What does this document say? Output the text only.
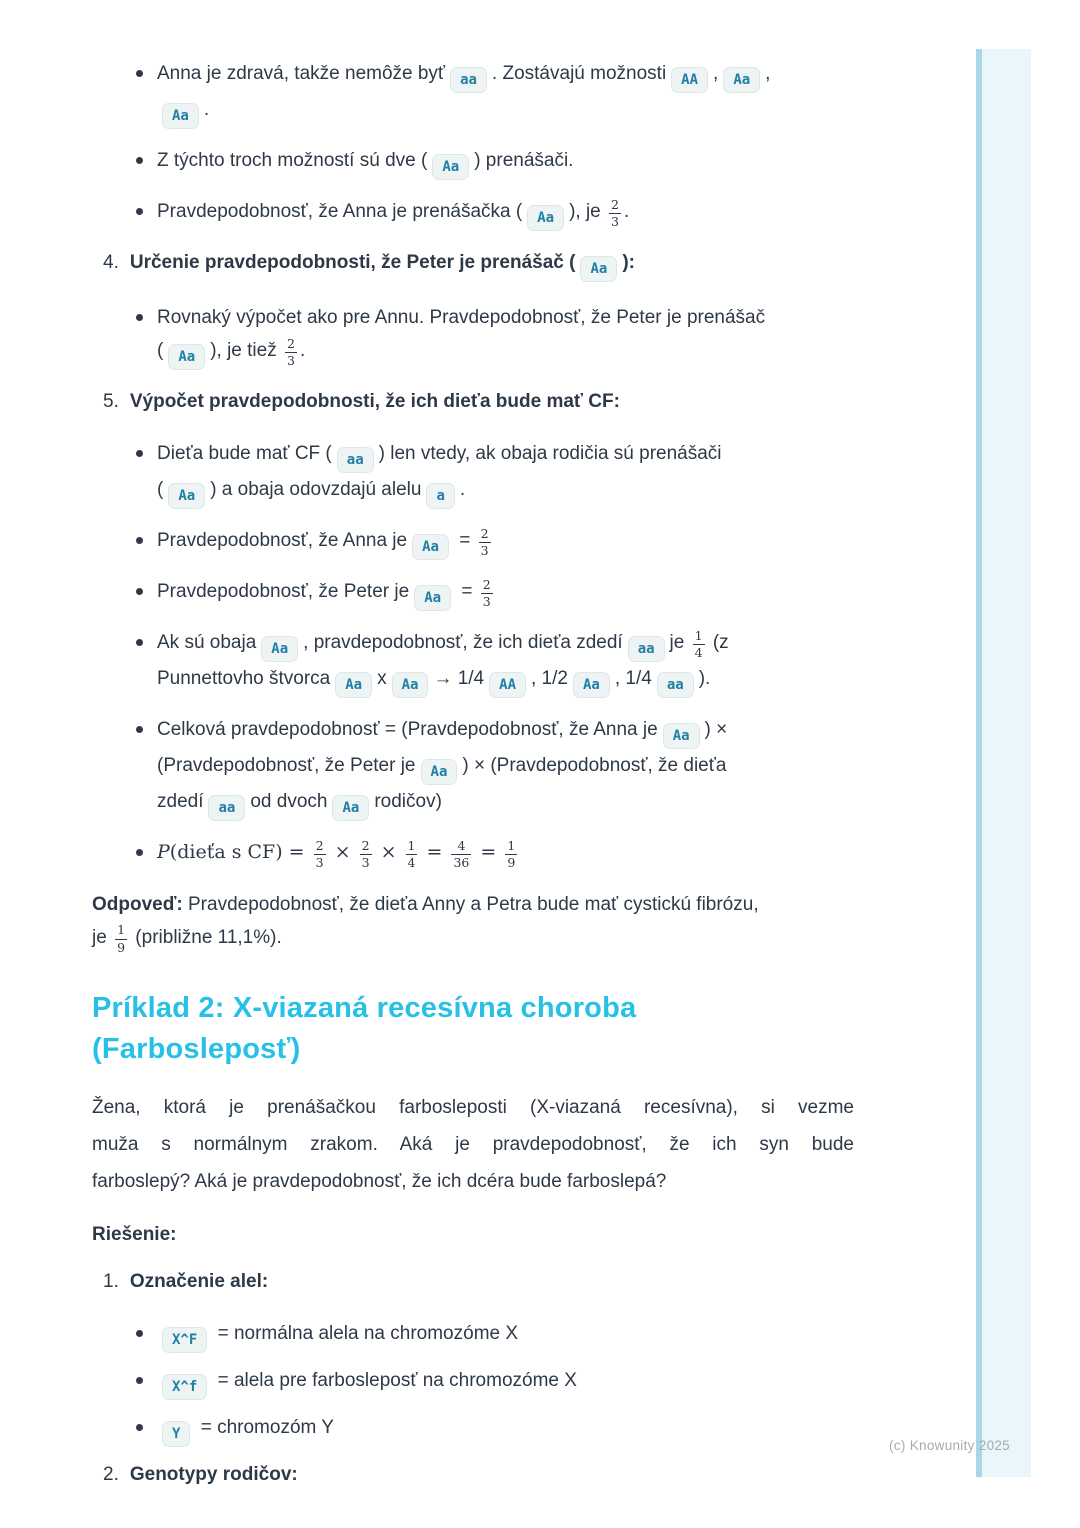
Anna je zdravá, takže nemôže byť aa . Zostávajú možnosti AA , Aa ,
Aa .
Z týchto troch možností sú dve ( Aa ) prenášači.
Pravdepodobnosť, že Anna je prenášačka ( Aa ), je $\frac{2}{3}$ .
4. Určenie pravdepodobnosti, že Peter je prenášač ( Aa ):
Rovnaký výpočet ako pre Annu. Pravdepodobnosť, že Peter je prenášač
( Aa ), je tiež $\frac{2}{3}$ .
5. Výpočet pravdepodobnosti, že ich dieťa bude mať CF:
Dieťa bude mať CF ( aa ) len vtedy, ak obaja rodičia sú prenášači
( Aa ) a obaja odovzdajú alelu a .
Pravdepodobnosť, že Anna je $Aa = \frac{2}{3}$
Pravdepodobnosť, že Peter je $Aa = \frac{2}{3}$
Ak sú obaja Aa , pravdepodobnosť, že ich dieťa zdedí aa je $\frac{1}{4} (z$
Punnettovho štvorca Aa x Aa → 1/4 AA , 1/2 Aa , 1/4 aa ).
Celková pravdepodobnosť = (Pravdepodobnosť, že Anna je Aa ) ×
(Pravdepodobnosť, že Peter je Aa ) × (Pravdepodobnosť, že dieťa
zdedí aa od dvoch Aa rodičov)
P(dieťa s $CF) = \frac{2}{3} \times \frac{2}{3} \times \frac{1}{4} = \frac{4}{36} = \frac{1}{9}$
Odpoveď: Pravdepodobnosť, že dieťa Anny a Petra bude mať cystickú fibrózu,
je $\frac{1}{9}$ (približne 11,1%).
Príklad 2: X-viazaná recesívna choroba
(Farbosleposť)
Žena, ktorá je prenášačkou farbosleposti (X-viazaná recesívna), si vezme
muža s normálnym zrakom. Aká je pravdepodobnosť, že ich syn bude
farboslepý? Aká je pravdepodobnosť, že ich dcéra bude farboslepá?
Riešenie:
1. Označenie alel:
X^F = normálna alela na chromozóme X
X^f = alela pre farbosleposť na chromozóme X
Y = chromozóm Y
2. Genotypy rodičov:
(c) Knowunity 2025
